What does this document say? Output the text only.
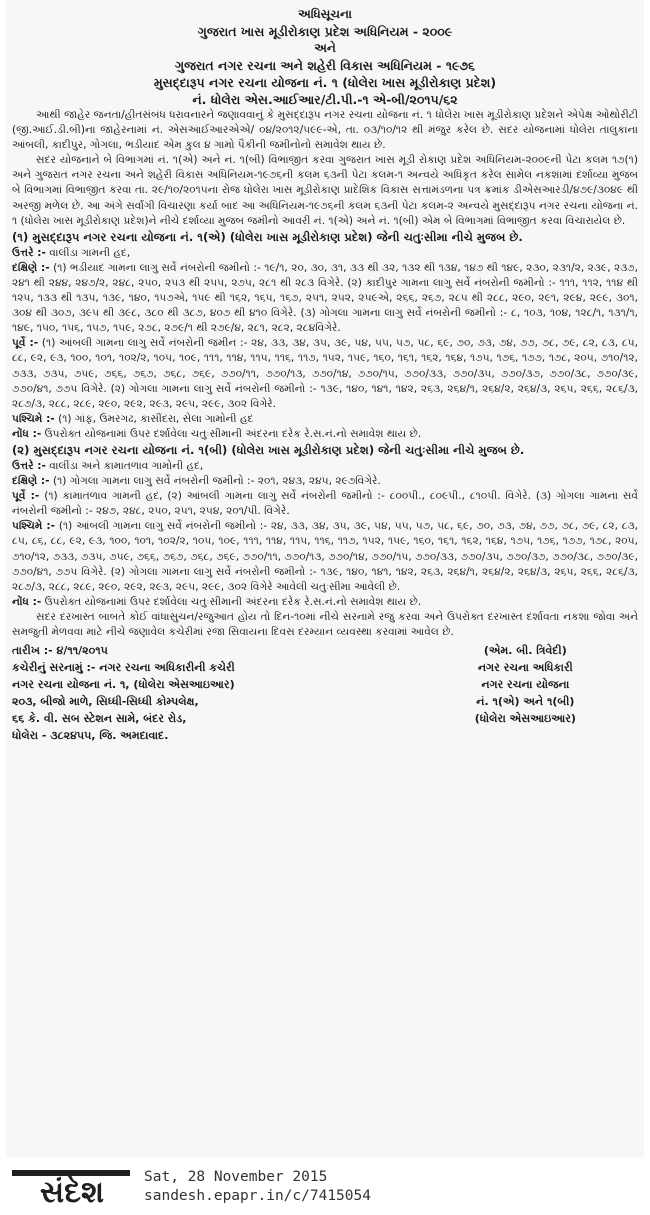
અધિસૂચના
ગુજરાત ખાસ મૂડીરોકાણ પ્રદેશ અધિનિયમ - ૨૦૦૯
અને
ગુજરાત નગર રચના અને શહેરી વિકાસ અધિનિયમ - ૧૯૭૬
મુસદ્દારૂપ નગર રચના યોજના નં. ૧ (ધોલેરા ખાસ મૂડીરોકાણ પ્રદેશ)
નં. ધોલેરા એસ.આઈઆર/ટી.પી.-૧ એ-બી/૨૦૧૫/૬૨

આથી જાહેર જનતા/હીતસંબંધ ધરાવનારને જણાવવાનું કે મુસદ્દારૂપ નગર રચના યોજના નં. ૧ ધોલેરા ખાસ મૂડીરોકાણ પ્રદેશને એપેક્ષ ઓથોરીટી (જી.આઈ.ડી.બી)ના જાહેરનામાં નં. એસઆઈઆરએએ/ ૦૪/૨૦૧૨/૫૯૯-એ, તા. ૦૩/૧૦/૧૨ થી મંજુર કરેલ છે. સદર યોજનામાં ધોલેરા તાલુકાના આંબલી, કાદીપુર, ગોગલા, ભડીયાદ એમ કુલ ૪ ગામો પૈકીની જમીનોનો સમાવેશ થાય છે.

સદર યોજનાને બે વિભાગમાં નં. ૧(એ) અને નં. ૧(બી) વિભાજીત કરવા ગુજરાત ખાસ મૂડી રોકાણ પ્રદેશ અધિનિયમ-૨૦૦૯ની પેટા કલમ ૧૭(૧) અને ગુજરાત નગર રચના અને શહેરી વિકાસ અધિનિયમ-૧૯૭૬ની કલમ ૬૩ની પેટા કલમ-૧ અન્વયે અધિકૃત કરેલ સામેલ નકશામાં દર્શાવ્યા મુજબ બે વિભાગમાં વિભાજીત કરવા તા. ૨૯/૧૦/૨૦૧૫ના રોજ ધોલેરા ખાસ મૂડીરોકાણ પ્રાદેશિક વિકાસ સત્તામંડળના પત્ર ક્રમાંક ડીએસઆરડી/૪૭૯/૩૦૪૯ થી અરજી મળેલ છે. આ અંગે સર્વાંગી વિચારણા કર્યા બાદ આ અધિનિયમ-૧૯૭૬ની કલમ ૬૩ની પેટા કલમ-૨ અન્વયે મુસદ્દારૂપ નગર રચના યોજના નં. ૧ (ધોલેરા ખાસ મૂડીરોકાણ પ્રદેશ)ને નીચે દર્શાવ્યા મુજબ જમીનો આવરી નં. ૧(એ) અને નં. ૧(બી) એમ બે વિભાગમાં વિભાજીત કરવા વિચારાયેલ છે.

(૧) મુસદ્દારૂપ નગર રચના યોજના નં. ૧(એ) (ધોલેરા ખાસ મૂડીરોકાણ પ્રદેશ) જેની ચતુઃસીમા નીચે મુજબ છે.

ઉત્તરે :- વાલીંડા ગામની હદ,

દક્ષિણે :- (૧) ભડીયાદ ગામના લાગુ સર્વે નંબરોની જમીનો :- ૧૯/૧, ૨૦, ૩૦, ૩૧, ૩૩ થી ૩૨, ૧૩૨ થી ૧૩૪, ૧૪૭ થી ૧૪૯, ૨૩૦, ૨૩૧/૨, ૨૩૯, ૨૩૭, ૨૪૧ થી ૨૪૪, ૨૪૭/૨, ૨૪૮, ૨૫૦, ૨૫૩ થી ૨૫૫, ૨૭૫, ૨૮૧ થી ૨૮૩ વિગેરે. (૨) કાદીપુર ગામના લાગુ સર્વે નંબરોની જમીનો :- ૧૧૧, ૧૧૨, ૧૧૪ થી ૧૨૫, ૧૩૩ થી ૧૩૫, ૧૩૯, ૧૪૦, ૧૫૭એ, ૧૫૯ થી ૧૬૨, ૧૬૫, ૧૬૭, ૨૫૧, ૨૫૨, ૨૫૯એ, ૨૬૬, ૨૬૭, ૨૮૫ થી ૨૮૮, ૨૯૦, ૨૯૧, ૨૯૪, ૨૯૯, ૩૦૧, ૩૦૪ થી ૩૦૭, ૩૯૫ થી ૩૯૮, ૩૮૦ થી ૩૮૭, ૪૦૭ થી ૪૧૦ વિગેરે. (૩) ગોગલા ગામના લાગુ સર્વે નંબરોની જમીનો :- ૮, ૧૦૩, ૧૦૪, ૧૨૮/૧, ૧૩૧/૧, ૧૪૯, ૧૫૦, ૧૫૬, ૧૫૭, ૧૫૯, ૨૭૮, ૨૭૯/૧ થી ૨૭૯/૪, ૨૮૧, ૨૮૨, ૨૮૪વિગેરે.

પૂર્વે :- (૧) આંબલી ગામના લાગુ સર્વે નંબરોની જમીન :- ૨૪, ૩૩, ૩૪, ૩૫, ૩૯, ૫૪, ૫૫, ૫૭, ૫૮, ૬૯, ૭૦, ૭૩, ૭૪, ૭૭, ૭૮, ૭૯, ૮૨, ૮૩, ૮૫, ૮૮, ૯૨, ૯૩, ૧૦૦, ૧૦૧, ૧૦૨/૨, ૧૦૫, ૧૦૯, ૧૧૧, ૧૧૪, ૧૧૫, ૧૧૬, ૧૧૭, ૧૫૨, ૧૫૯, ૧૬૦, ૧૬૧, ૧૬૨, ૧૬૪, ૧૭૫, ૧૭૬, ૧૭૭, ૧૭૮, ૨૦૫, ૭૧૦/૧૨, ૭૩૩, ૭૩૫, ૭૫૯, ૭૬૬, ૭૬૭, ૭૬૮, ૭૬૯, ૭૭૦/૧૧, ૭૭૦/૧૩, ૭૭૦/૧૪, ૭૭૦/૧૫, ૭૭૦/૩૩, ૭૭૦/૩૫, ૭૭૦/૩૭, ૭૭૦/૩૮, ૭૭૦/૩૯, ૭૭૦/૪૧, ૭૭૫ વિગેરે. (૨) ગોગલા ગામના લાગુ સર્વે નંબરોની જમીનો :- ૧૩૯, ૧૪૦, ૧૪૧, ૧૪૨, ૨૬૩, ૨૬૪/૧, ૨૬૪/૨, ૨૬૪/૩, ૨૬૫, ૨૬૬, ૨૮૬/૩, ૨૮૭/૩, ૨૮૮, ૨૮૯, ૨૯૦, ૨૯૨, ૨૯૩, ૨૯૫, ૨૯૯, ૩૦૨ વિગેરે.

પશ્ચિમે :- (૧) ગાંફ, ઉમરગઢ, કાસીંદરા, સેલા ગામોની હદ

નોંધ :- ઉપરોક્ત યોજનામાં ઉપર દર્શાવેલા ચતુઃસીમાની અંદરના દરેક રે.સ.નં.નો સમાવેશ થાય છે.

(૨) મુસદ્દારૂપ નગર રચના યોજના નં. ૧(બી) (ધોલેરા ખાસ મૂડીરોકાણ પ્રદેશ) જેની ચતુઃસીમા નીચે મુજબ છે.

ઉત્તરે :- વાલીંડા અને કામાતળાવ ગામોની હદ,

દક્ષિણે :- (૧) ગોગલા ગામના લાગુ સર્વે નંબરોની જમીનો :- ૨૦૧, ૨૪૩, ૨૪૫, ૨૯૭વિગેરે.

પૂર્વે :- (૧) કામાતળાવ ગામની હદ, (૨) આંબલી ગામના લાગુ સર્વે નંબરોની જમીનો :- ૮૦૦પી., ૮૦૯પી., ૮૧૦પી. વિગેરે. (૩) ગોગલા ગામના સર્વે નંબરોની જમીનો :- ૨૪૭, ૨૪૮, ૨૫૦, ૨૫૧, ૨૫૪, ૨૦૧/પી. વિગેરે.

પશ્ચિમે :- (૧) આંબલી ગામના લાગુ સર્વે નંબરોની જમીનો :- ૨૪, ૩૩, ૩૪, ૩૫, ૩૯, ૫૪, ૫૫, ૫૭, ૫૮, ૬૯, ૭૦, ૭૩, ૭૪, ૭૭, ૭૮, ૭૯, ૮૨, ૮૩, ૮૫, ૮૬, ૮૮, ૯૨, ૯૩, ૧૦૦, ૧૦૧, ૧૦૨/૨, ૧૦૫, ૧૦૯, ૧૧૧, ૧૧૪, ૧૧૫, ૧૧૬, ૧૧૭, ૧૫૨, ૧૫૯, ૧૬૦, ૧૬૧, ૧૬૨, ૧૬૪, ૧૭૫, ૧૭૬, ૧૭૭, ૧૭૮, ૨૦૫, ૭૧૦/૧૨, ૭૩૩, ૭૩૫, ૭૫૯, ૭૬૬, ૭૬૭, ૭૬૮, ૭૬૯, ૭૭૦/૧૧, ૭૭૦/૧૩, ૭૭૦/૧૪, ૭૭૦/૧૫, ૭૭૦/૩૩, ૭૭૦/૩૫, ૭૭૦/૩૭, ૭૭૦/૩૮, ૭૭૦/૩૯, ૭૭૦/૪૧, ૭૭૫ વિગેરે. (૨) ગોગલા ગામના લાગુ સર્વે નંબરોની જમીનો :- ૧૩૯, ૧૪૦, ૧૪૧, ૧૪૨, ૨૬૩, ૨૬૪/૧, ૨૬૪/૨, ૨૬૪/૩, ૨૬૫, ૨૬૬, ૨૮૬/૩, ૨૮૭/૩, ૨૮૮, ૨૮૯, ૨૯૦, ૨૯૨, ૨૯૩, ૨૯૫, ૨૯૯, ૩૦૨ વિગેરે આવેલી ચતુઃસીમા આવેલી છે.

નોંધ :- ઉપરોક્ત યોજનામાં ઉપર દર્શાવેલા ચતુઃસીમાની અંદરના દરેક રે.સ.નં.નો સમાવેશ થાય છે.

સદર દરખાસ્ત બાબતે કોઈ વાંધાસુચન/રજુઆત હોય તો દિન-૧૦માં નીચે સરનામે રજુ કરવા અને ઉપરોક્ત દરખાસ્ત દર્શાવતા નકશા જોવા અને સમજુતી મેળવવા માટે નીચે જણાવેલ કચેરીમાં રજા સિવાયના દિવસ દરમ્યાન વ્યવસ્થા કરવામાં આવેલ છે.

તારીખ :- ૪/૧૧/૨૦૧૫
કચેરીનું સરનામું :- નગર રચના અધિકારીની કચેરી
નગર રચના યોજના નં. ૧, (ધોલેરા એસઆઇઆર)
૨૦૩, બીજો માળે, સિધ્ધી-સિધ્ધી કોમ્પલેક્ષ,
૬૬ કે. વી. સબ સ્ટેશન સામે, બંદર રોડ,
ધોલેરા - ૩૮૨૪૫૫, જિ. અમદાવાદ.
(એમ. બી. ત્રિવેદી)
નગર રચના અધિકારી
નગર રચના યોજના
નં. ૧(એ) અને ૧(બી)
(ધોલેરા એસઆઇઆર)
સંદેશ	Sat, 28 November 2015
sandesh.epapr.in/c/7415054
